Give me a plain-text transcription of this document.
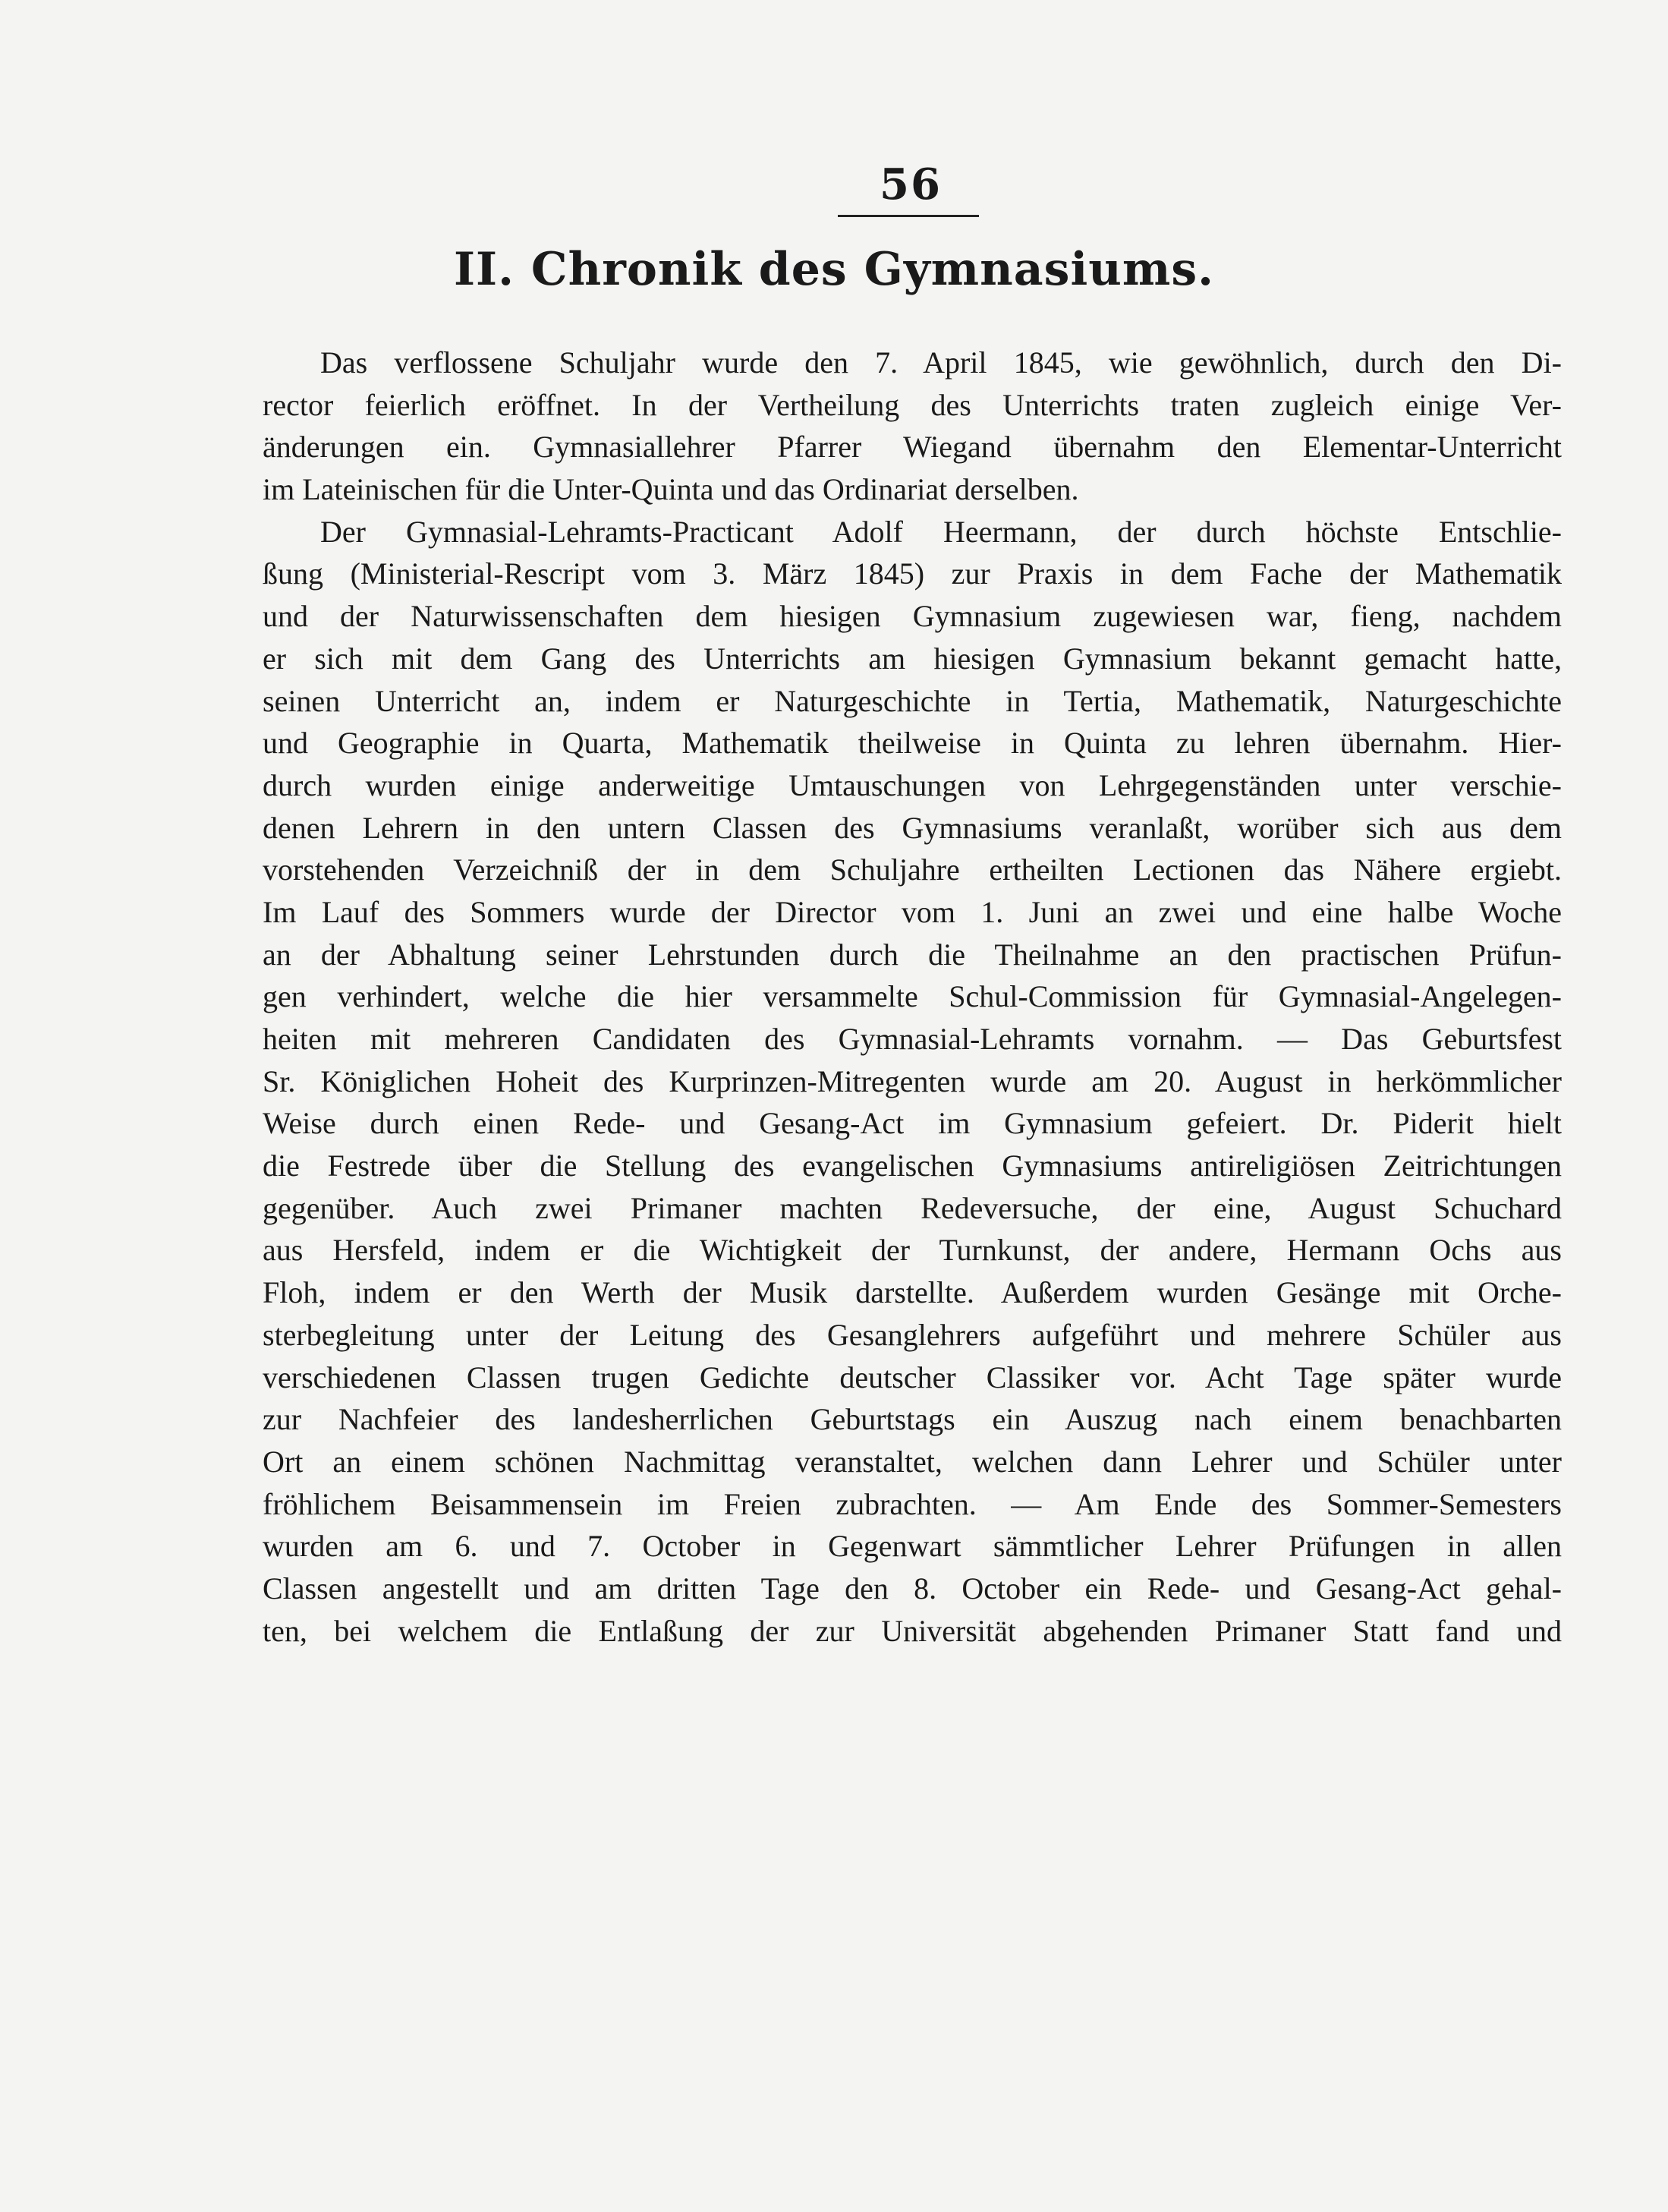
56
II. Chronik des Gymnasiums.
Das verflossene Schuljahr wurde den 7. April 1845, wie gewöhnlich, durch den Di-
rector feierlich eröffnet. In der Vertheilung des Unterrichts traten zugleich einige Ver-
änderungen ein. Gymnasiallehrer Pfarrer Wiegand übernahm den Elementar-Unterricht
im Lateinischen für die Unter-Quinta und das Ordinariat derselben.
Der Gymnasial-Lehramts-Practicant Adolf Heermann, der durch höchste Entschlie-
ßung (Ministerial-Rescript vom 3. März 1845) zur Praxis in dem Fache der Mathematik
und der Naturwissenschaften dem hiesigen Gymnasium zugewiesen war, fieng, nachdem
er sich mit dem Gang des Unterrichts am hiesigen Gymnasium bekannt gemacht hatte,
seinen Unterricht an, indem er Naturgeschichte in Tertia, Mathematik, Naturgeschichte
und Geographie in Quarta, Mathematik theilweise in Quinta zu lehren übernahm. Hier-
durch wurden einige anderweitige Umtauschungen von Lehrgegenständen unter verschie-
denen Lehrern in den untern Classen des Gymnasiums veranlaßt, worüber sich aus dem
vorstehenden Verzeichniß der in dem Schuljahre ertheilten Lectionen das Nähere ergiebt.
Im Lauf des Sommers wurde der Director vom 1. Juni an zwei und eine halbe Woche
an der Abhaltung seiner Lehrstunden durch die Theilnahme an den practischen Prüfun-
gen verhindert, welche die hier versammelte Schul-Commission für Gymnasial-Angelegen-
heiten mit mehreren Candidaten des Gymnasial-Lehramts vornahm. — Das Geburtsfest
Sr. Königlichen Hoheit des Kurprinzen-Mitregenten wurde am 20. August in herkömmlicher
Weise durch einen Rede- und Gesang-Act im Gymnasium gefeiert. Dr. Piderit hielt
die Festrede über die Stellung des evangelischen Gymnasiums antireligiösen Zeitrichtungen
gegenüber. Auch zwei Primaner machten Redeversuche, der eine, August Schuchard
aus Hersfeld, indem er die Wichtigkeit der Turnkunst, der andere, Hermann Ochs aus
Floh, indem er den Werth der Musik darstellte. Außerdem wurden Gesänge mit Orche-
sterbegleitung unter der Leitung des Gesanglehrers aufgeführt und mehrere Schüler aus
verschiedenen Classen trugen Gedichte deutscher Classiker vor. Acht Tage später wurde
zur Nachfeier des landesherrlichen Geburtstags ein Auszug nach einem benachbarten
Ort an einem schönen Nachmittag veranstaltet, welchen dann Lehrer und Schüler unter
fröhlichem Beisammensein im Freien zubrachten. — Am Ende des Sommer-Semesters
wurden am 6. und 7. October in Gegenwart sämmtlicher Lehrer Prüfungen in allen
Classen angestellt und am dritten Tage den 8. October ein Rede- und Gesang-Act gehal-
ten, bei welchem die Entlaßung der zur Universität abgehenden Primaner Statt fand und
